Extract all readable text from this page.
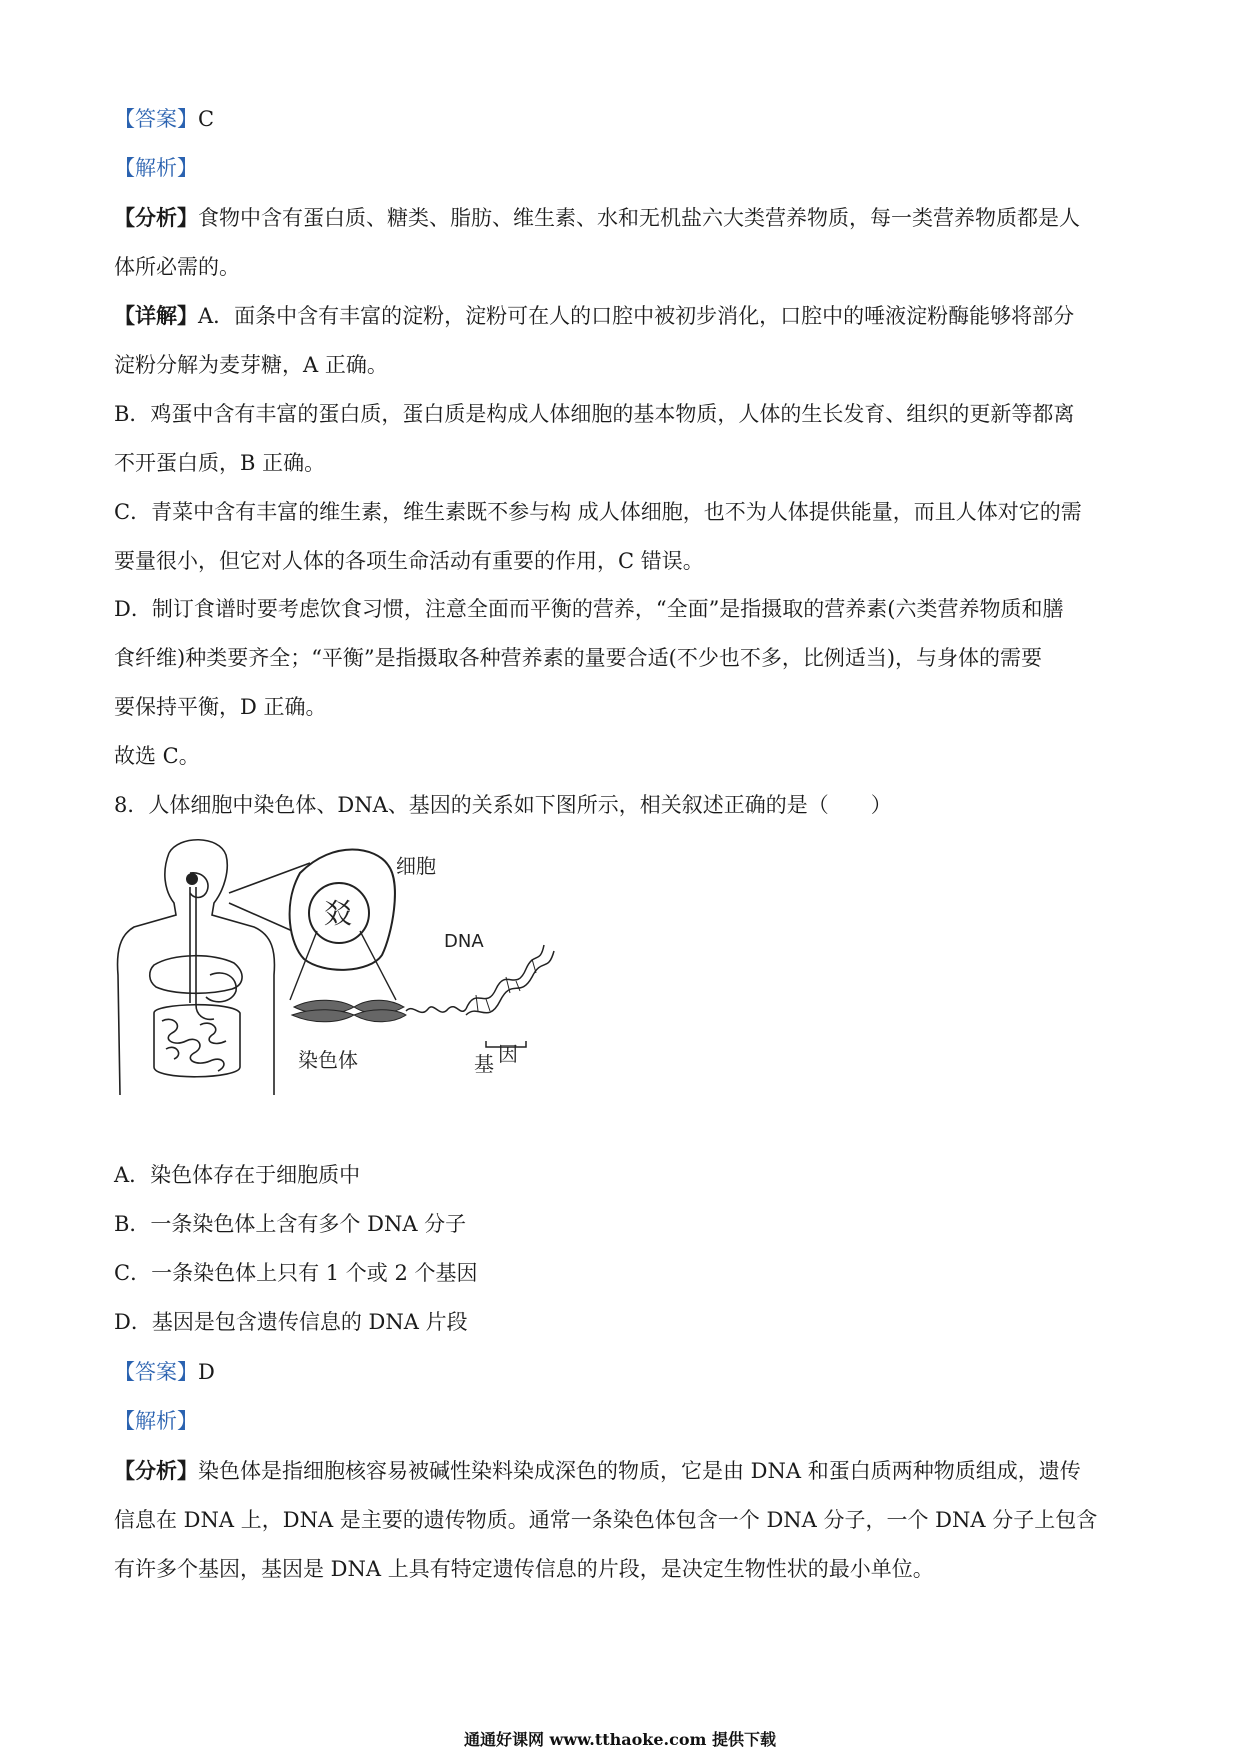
【答案】C
【解析】
【分析】食物中含有蛋白质、糖类、脂肪、维生素、水和无机盐六大类营养物质，每一类营养物质都是人
体所必需的。
【详解】A．面条中含有丰富的淀粉，淀粉可在人的口腔中被初步消化，口腔中的唾液淀粉酶能够将部分
淀粉分解为麦芽糖，A 正确。
B．鸡蛋中含有丰富的蛋白质，蛋白质是构成人体细胞的基本物质，人体的生长发育、组织的更新等都离
不开蛋白质，B 正确。
C．青菜中含有丰富的维生素，维生素既不参与构 成人体细胞，也不为人体提供能量，而且人体对它的需
要量很小，但它对人体的各项生命活动有重要的作用，C 错误。
D．制订食谱时要考虑饮食习惯，注意全面而平衡的营养，“全面”是指摄取的营养素(六类营养物质和膳
食纤维)种类要齐全；“平衡”是指摄取各种营养素的量要合适(不少也不多，比例适当)，与身体的需要
要保持平衡，D 正确。
故选 C。
8．人体细胞中染色体、DNA、基因的关系如下图所示，相关叙述正确的是（　　）
㸚
细胞
DNA
染色体	基 因
A．染色体存在于细胞质中
B．一条染色体上含有多个 DNA 分子
C．一条染色体上只有 1 个或 2 个基因
D．基因是包含遗传信息的 DNA 片段
【答案】D
【解析】
【分析】染色体是指细胞核容易被碱性染料染成深色的物质，它是由 DNA 和蛋白质两种物质组成，遗传
信息在 DNA 上，DNA 是主要的遗传物质。通常一条染色体包含一个 DNA 分子，一个 DNA 分子上包含
有许多个基因，基因是 DNA 上具有特定遗传信息的片段，是决定生物性状的最小单位。
通通好课网 www.tthaoke.com 提供下载
